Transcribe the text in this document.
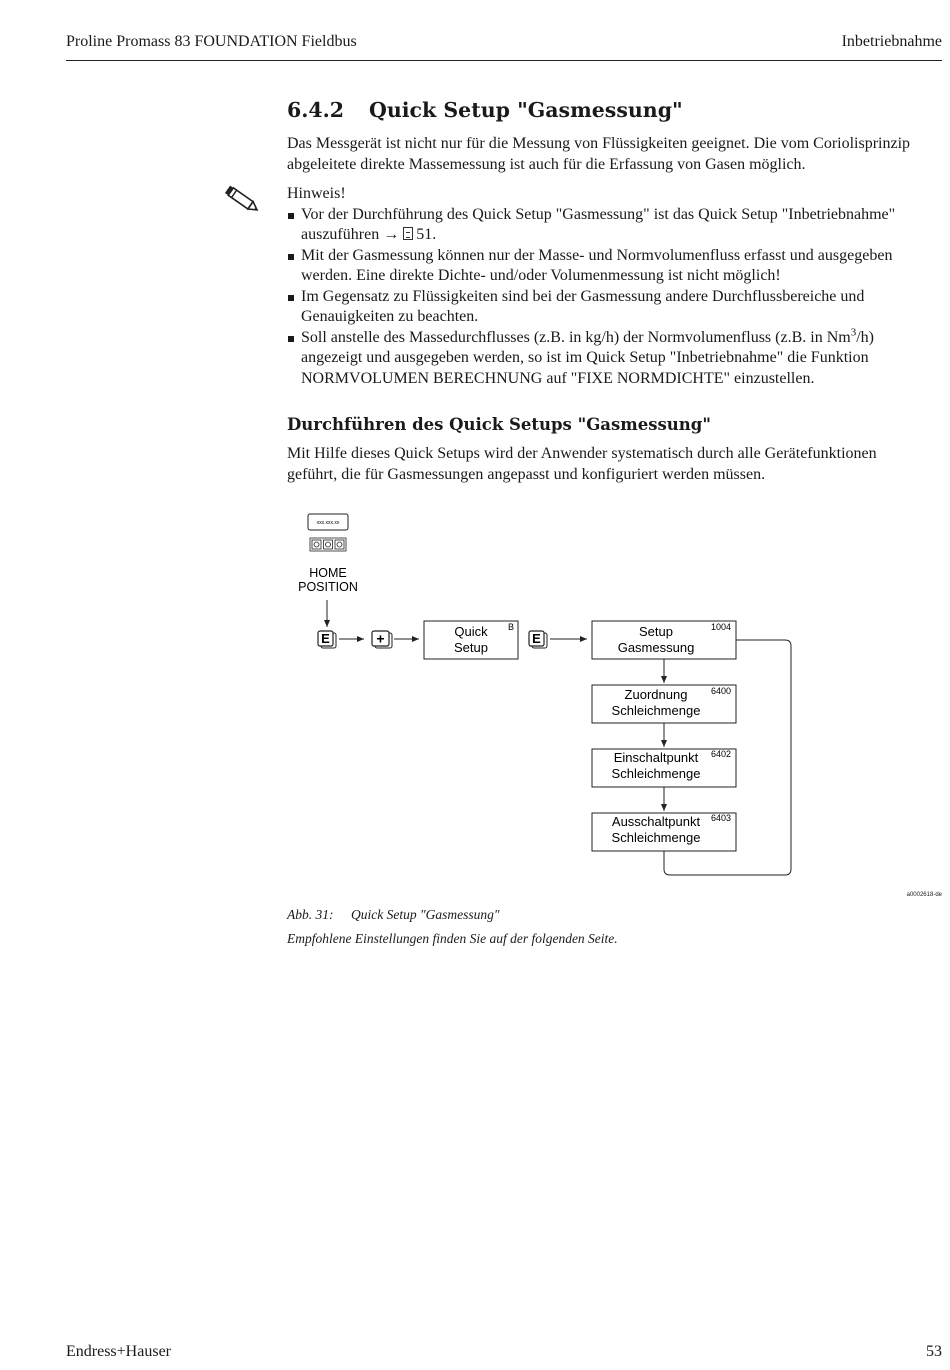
Proline Promass 83 FOUNDATION Fieldbus	Inbetriebnahme
6.4.2 Quick Setup "Gasmessung"

Das Messgerät ist nicht nur für die Messung von Flüssigkeiten geeignet. Die vom Coriolisprinzip abgeleitete direkte Massemessung ist auch für die Erfassung von Gasen möglich.

Hinweis!

Vor der Durchführung des Quick Setup "Gasmessung" ist das Quick Setup "Inbetriebnahme" auszuführen → 51.
Mit der Gasmessung können nur der Masse- und Normvolumenfluss erfasst und ausgegeben werden. Eine direkte Dichte- und/oder Volumenmessung ist nicht möglich!
Im Gegensatz zu Flüssigkeiten sind bei der Gasmessung andere Durchflussbereiche und Genauigkeiten zu beachten.
Soll anstelle des Massedurchflusses (z.B. in kg/h) der Normvolumenfluss (z.B. in Nm$^3$/h) angezeigt und ausgegeben werden, so ist im Quick Setup "Inbetriebnahme" die Funktion NORMVOLUMEN BERECHNUNG auf "FIXE NORMDICHTE" einzustellen.
Durchführen des Quick Setups "Gasmessung"

Mit Hilfe dieses Quick Setups wird der Anwender systematisch durch alle Gerätefunktionen geführt, die für Gasmessungen angepasst und konfiguriert werden müssen.

xxx.xxx.xx
HOME
POSITION
E	+	Quick
Setup
B
E	Setup
Gasmessung
1004
Zuordnung
Schleichmenge
6400
Einschaltpunkt
Schleichmenge
6402
Ausschaltpunkt
Schleichmenge
6403
a0002618-de
Abb. 31: Quick Setup "Gasmessung"
Empfohlene Einstellungen finden Sie auf der folgenden Seite.
Endress+Hauser	53
